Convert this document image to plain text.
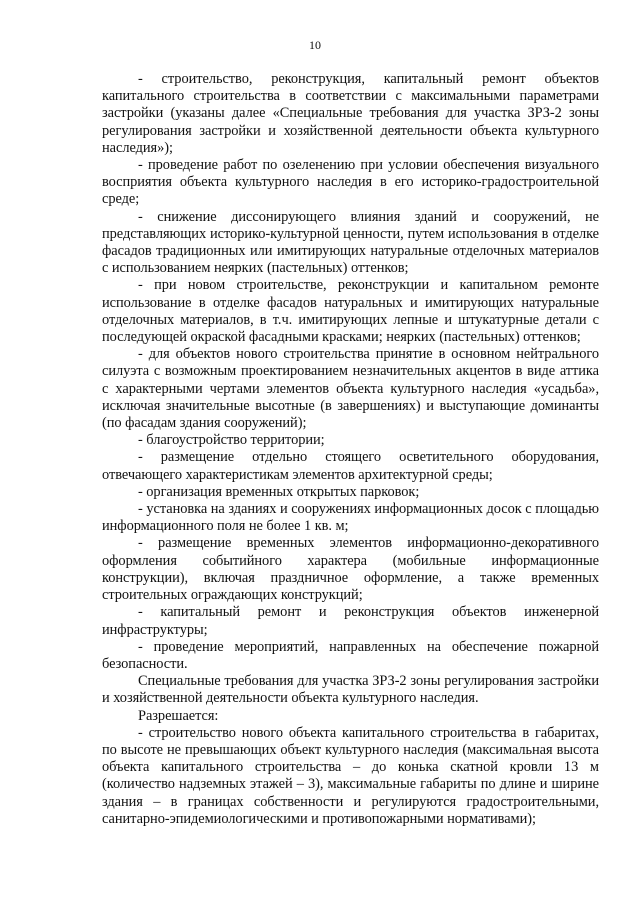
10

- строительство, реконструкция, капитальный ремонт объектов капитального строительства в соответствии с максимальными параметрами застройки (указаны далее «Специальные требования для участка ЗРЗ-2 зоны регулирования застройки и хозяйственной деятельности объекта культурного наследия»);

- проведение работ по озеленению при условии обеспечения визуального восприятия объекта культурного наследия в его историко-градостроительной среде;

- снижение диссонирующего влияния зданий и сооружений, не представляющих историко-культурной ценности, путем использования в отделке фасадов традиционных или имитирующих натуральные отделочных материалов с использованием неярких (пастельных) оттенков;

- при новом строительстве, реконструкции и капитальном ремонте использование в отделке фасадов натуральных и имитирующих натуральные отделочных материалов, в т.ч. имитирующих лепные и штукатурные детали с последующей окраской фасадными красками; неярких (пастельных) оттенков;

- для объектов нового строительства принятие в основном нейтрального силуэта с возможным проектированием незначительных акцентов в виде аттика с характерными чертами элементов объекта культурного наследия «усадьба», исключая значительные высотные (в завершениях) и выступающие доминанты (по фасадам здания сооружений);

- благоустройство территории;

- размещение отдельно стоящего осветительного оборудования, отвечающего характеристикам элементов архитектурной среды;

- организация временных открытых парковок;

- установка на зданиях и сооружениях информационных досок с площадью информационного поля не более 1 кв. м;

- размещение временных элементов информационно-декоративного оформления событийного характера (мобильные информационные конструкции), включая праздничное оформление, а также временных строительных ограждающих конструкций;

- капитальный ремонт и реконструкция объектов инженерной инфраструктуры;

- проведение мероприятий, направленных на обеспечение пожарной безопасности.

Специальные требования для участка ЗРЗ-2 зоны регулирования застройки и хозяйственной деятельности объекта культурного наследия.

Разрешается:

- строительство нового объекта капитального строительства в габаритах, по высоте не превышающих объект культурного наследия (максимальная высота объекта капитального строительства – до конька скатной кровли 13 м (количество надземных этажей – 3), максимальные габариты по длине и ширине здания – в границах собственности и регулируются градостроительными, санитарно-эпидемиологическими и противопожарными нормативами);
